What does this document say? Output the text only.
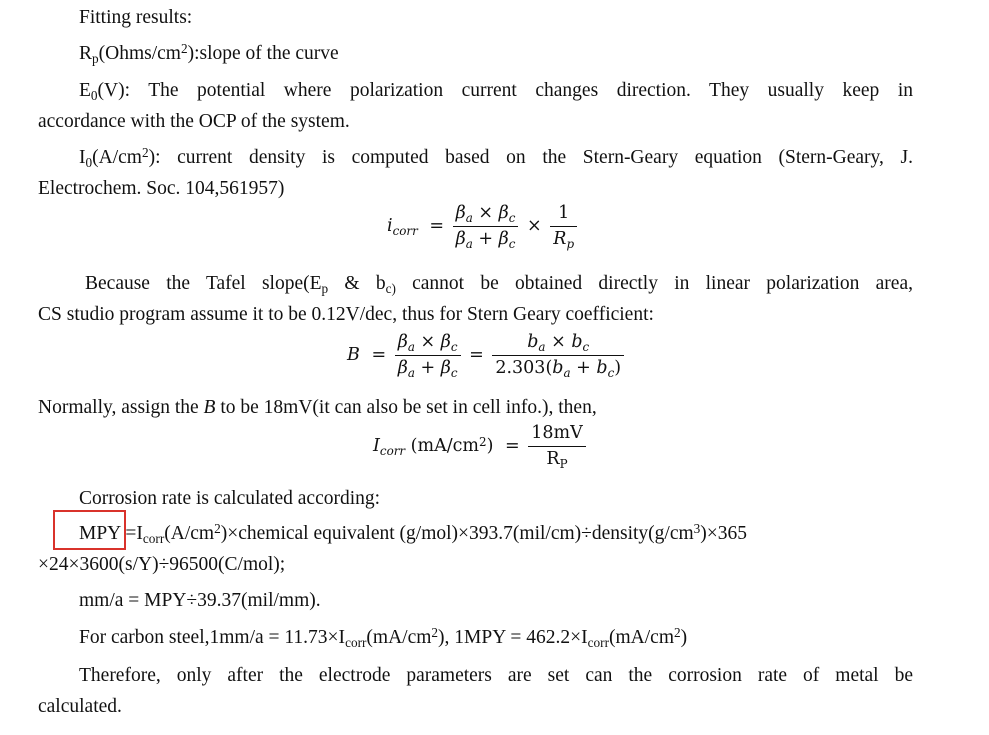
Fitting results:

$R_p(Ohms/cm^2):slope$ of the curve

$E_0(V)$: The potential where polarization current changes direction. They usually keep in

accordance with the OCP of the system.

$I_0(A/cm^2)$: current density is computed based on the Stern-Geary equation (Stern-Geary, J.

Electrochem. Soc. 104,561957)

$i_{corr} = \frac{\beta_a \times \beta_c}{\beta_a + \beta_c} \times \frac{1}{R_p}$

Because the Tafel $slope(E_p$ & $b_{c)}$ cannot be obtained directly in linear polarization area,

CS studio program assume it to be 0.12V/dec, thus for Stern Geary coefficient:

$B = \frac{\beta_a \times \beta_c}{\beta_a + \beta_c} = \frac{b_a \times b_c}{2.303(b_a + b_c)}$

Normally, assign the B to be 18mV(it can also be set in cell info.), then,

$I_{corr}$ $(mA/cm^2) = \frac{18mV}{R_P}$

Corrosion rate is calculated according:

MPY $=I_{corr}(A/cm^2)\times chemical$ equivalent $(g/mol)\times 393.7(mil/cm)\div density(g/cm^3)\times 365$

×24×3600(s/Y)÷96500(C/mol);

mm/a = MPY÷39.37(mil/mm).

For carbon steel,1mm/a = $11.73\times I_{corr}(mA/cm^2)$, $1MPY = 462.2\times I_{corr}(mA/cm^2)$

Therefore, only after the electrode parameters are set can the corrosion rate of metal be

calculated.
